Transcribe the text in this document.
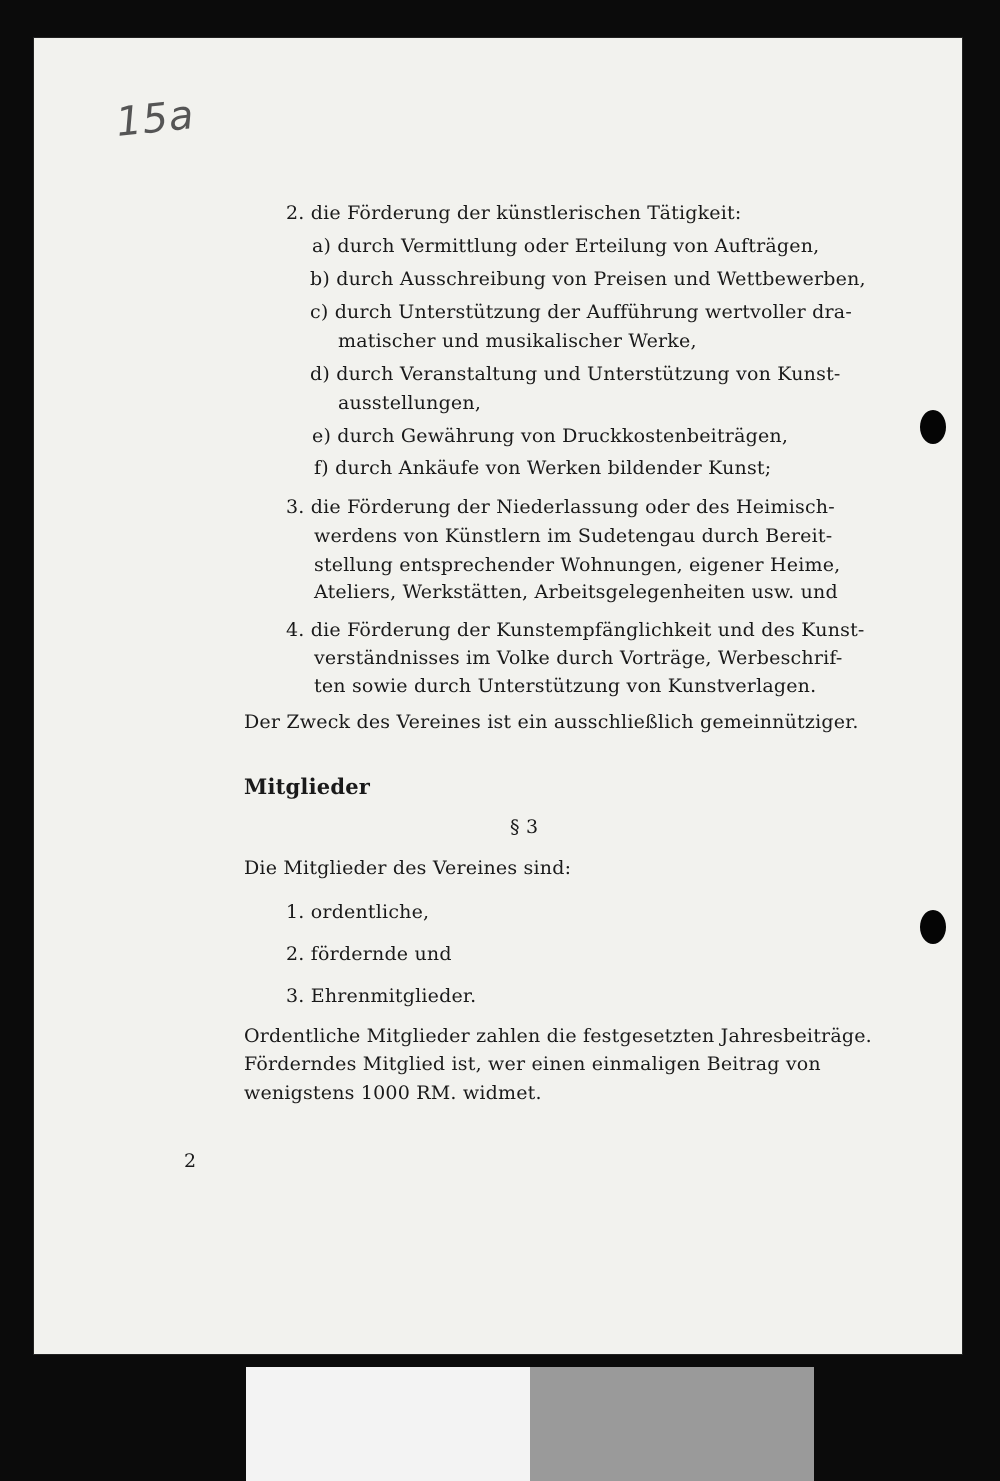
15a
2
2. die Förderung der künstlerischen Tätigkeit:
a) durch Vermittlung oder Erteilung von Aufträgen,
b) durch Ausschreibung von Preisen und Wettbewerben,
c) durch Unterstützung der Aufführung wertvoller dra-
matischer und musikalischer Werke,
d) durch Veranstaltung und Unterstützung von Kunst-
ausstellungen,
e) durch Gewährung von Druckkostenbeiträgen,
f) durch Ankäufe von Werken bildender Kunst;
3. die Förderung der Niederlassung oder des Heimisch-
werdens von Künstlern im Sudetengau durch Bereit-
stellung entsprechender Wohnungen, eigener Heime,
Ateliers, Werkstätten, Arbeitsgelegenheiten usw. und
4. die Förderung der Kunstempfänglichkeit und des Kunst-
verständnisses im Volke durch Vorträge, Werbeschrif-
ten sowie durch Unterstützung von Kunstverlagen.
Der Zweck des Vereines ist ein ausschließlich gemeinnütziger.
Mitglieder
§ 3
Die Mitglieder des Vereines sind:
1. ordentliche,
2. fördernde und
3. Ehrenmitglieder.
Ordentliche Mitglieder zahlen die festgesetzten Jahresbeiträge.
Förderndes Mitglied ist, wer einen einmaligen Beitrag von
wenigstens 1000 RM. widmet.
